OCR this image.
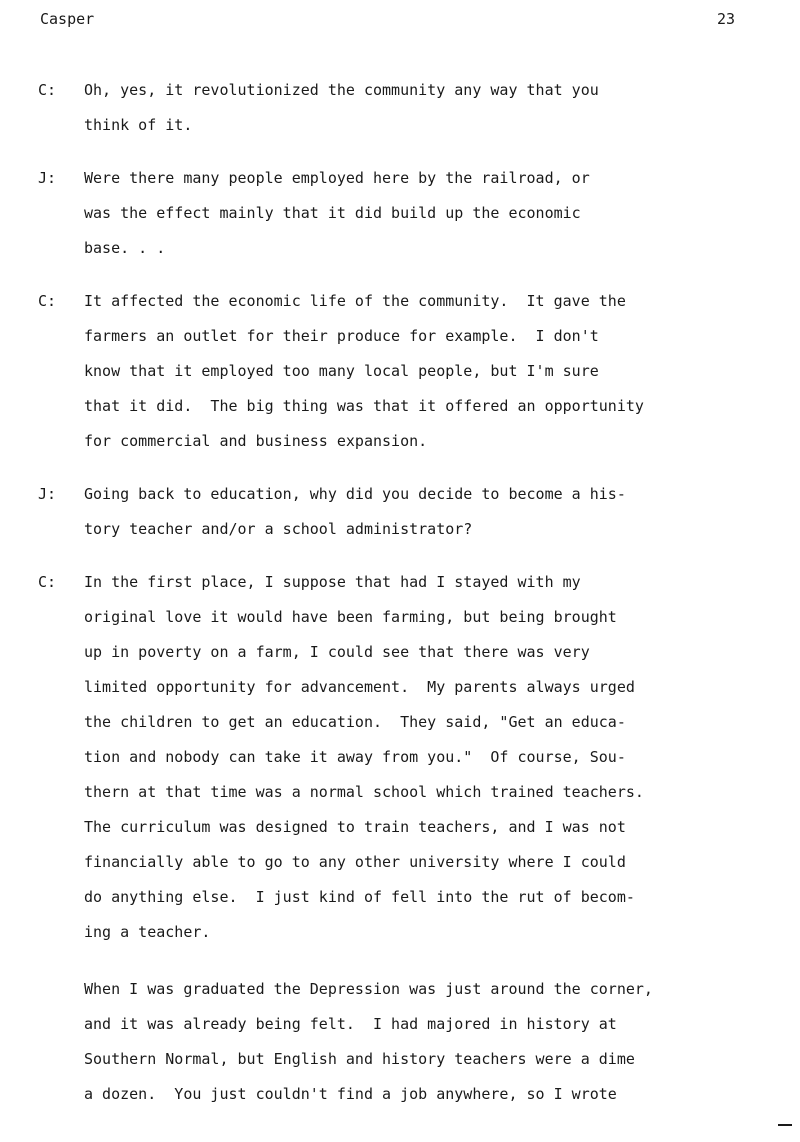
Casper	23
C: Oh, yes, it revolutionized the community any way that you
think of it.
J: Were there many people employed here by the railroad, or
was the effect mainly that it did build up the economic
base. . .
C: It affected the economic life of the community.  It gave the
farmers an outlet for their produce for example.  I don't
know that it employed too many local people, but I'm sure
that it did.  The big thing was that it offered an opportunity
for commercial and business expansion.
J: Going back to education, why did you decide to become a his-
tory teacher and/or a school administrator?
C: In the first place, I suppose that had I stayed with my
original love it would have been farming, but being brought
up in poverty on a farm, I could see that there was very
limited opportunity for advancement.  My parents always urged
the children to get an education.  They said, "Get an educa-
tion and nobody can take it away from you."  Of course, Sou-
thern at that time was a normal school which trained teachers.
The curriculum was designed to train teachers, and I was not
financially able to go to any other university where I could
do anything else.  I just kind of fell into the rut of becom-
ing a teacher.
When I was graduated the Depression was just around the corner,
and it was already being felt.  I had majored in history at
Southern Normal, but English and history teachers were a dime
a dozen.  You just couldn't find a job anywhere, so I wrote
